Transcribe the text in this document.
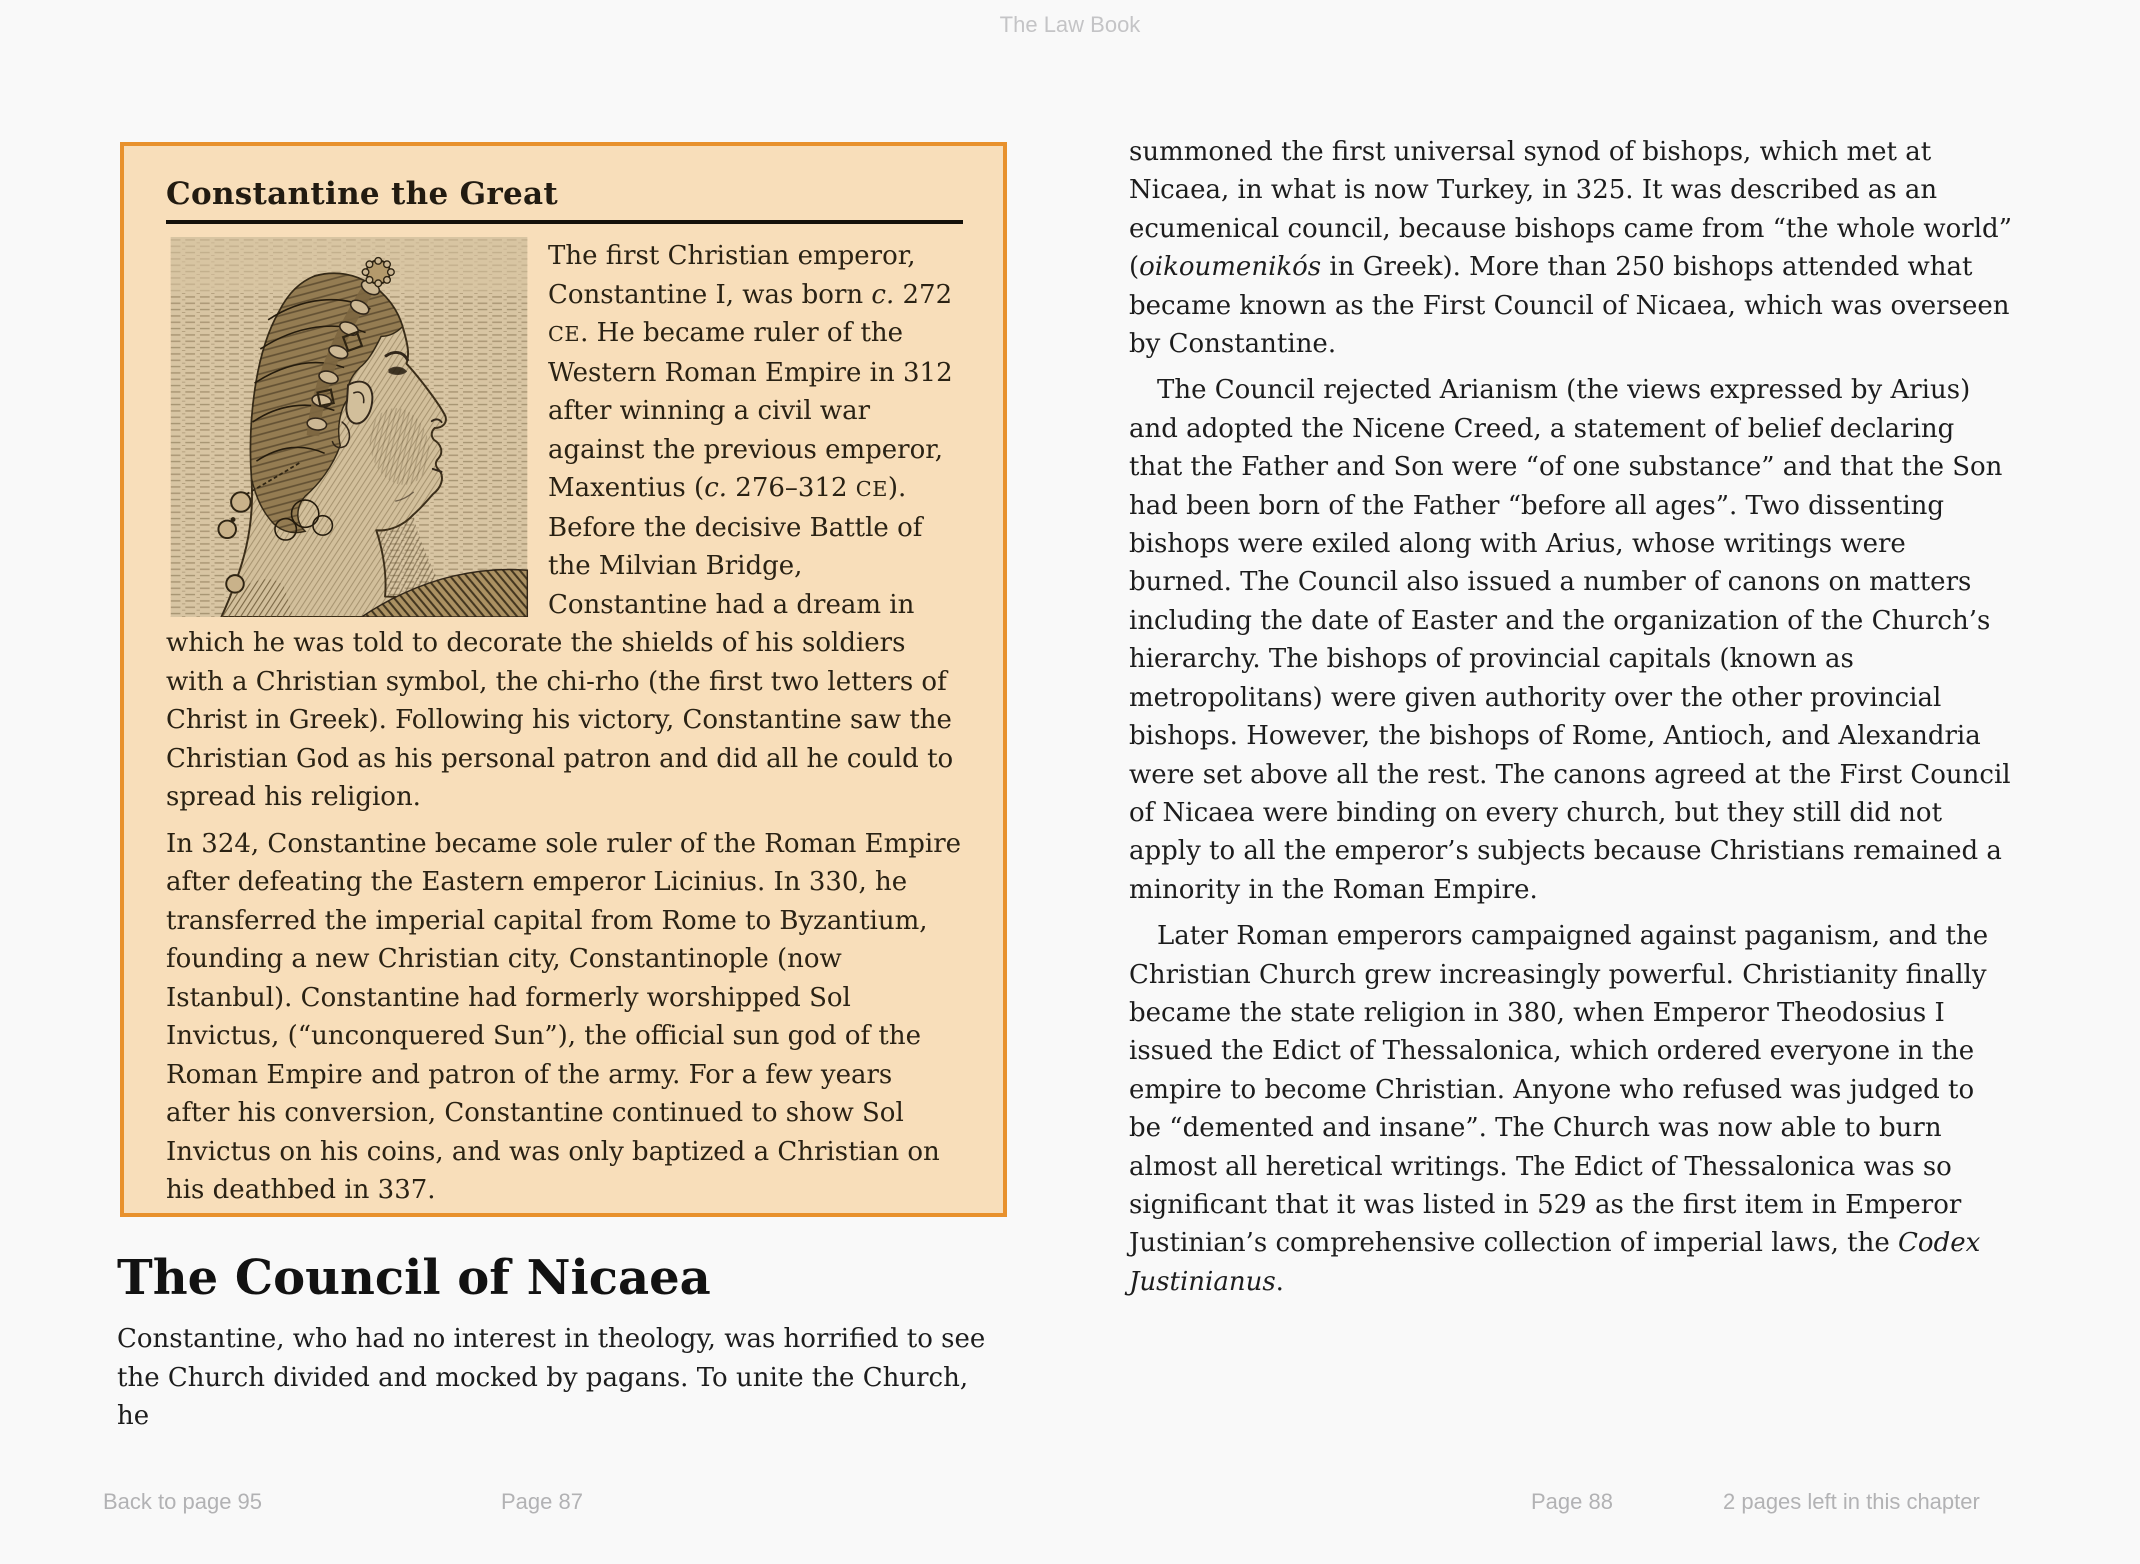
The Law Book
Constantine the Great

The first Christian emperor, Constantine I, was born c. 272 CE. He became ruler of the Western Roman Empire in 312 after winning a civil war against the previous emperor, Maxentius (c. 276–312 CE). Before the decisive Battle of the Milvian Bridge, Constantine had a dream in which he was told to decorate the shields of his soldiers with a Christian symbol, the chi-rho (the first two letters of Christ in Greek). Following his victory, Constantine saw the Christian God as his personal patron and did all he could to spread his religion.

In 324, Constantine became sole ruler of the Roman Empire after defeating the Eastern emperor Licinius. In 330, he transferred the imperial capital from Rome to Byzantium, founding a new Christian city, Constantinople (now Istanbul). Constantine had formerly worshipped Sol Invictus, (“unconquered Sun”), the official sun god of the Roman Empire and patron of the army. For a few years after his conversion, Constantine continued to show Sol Invictus on his coins, and was only baptized a Christian on his deathbed in 337.

The Council of Nicaea

Constantine, who had no interest in theology, was horrified to see the Church divided and mocked by pagans. To unite the Church, he

summoned the first universal synod of bishops, which met at Nicaea, in what is now Turkey, in 325. It was described as an ecumenical council, because bishops came from “the whole world” (oikoumenikós in Greek). More than 250 bishops attended what became known as the First Council of Nicaea, which was overseen by Constantine.

The Council rejected Arianism (the views expressed by Arius) and adopted the Nicene Creed, a statement of belief declaring that the Father and Son were “of one substance” and that the Son had been born of the Father “before all ages”. Two dissenting bishops were exiled along with Arius, whose writings were burned. The Council also issued a number of canons on matters including the date of Easter and the organization of the Church’s hierarchy. The bishops of provincial capitals (known as metropolitans) were given authority over the other provincial bishops. However, the bishops of Rome, Antioch, and Alexandria were set above all the rest. The canons agreed at the First Council of Nicaea were binding on every church, but they still did not apply to all the emperor’s subjects because Christians remained a minority in the Roman Empire.

Later Roman emperors campaigned against paganism, and the Christian Church grew increasingly powerful. Christianity finally became the state religion in 380, when Emperor Theodosius I issued the Edict of Thessalonica, which ordered everyone in the empire to become Christian. Anyone who refused was judged to be “demented and insane”. The Church was now able to burn almost all heretical writings. The Edict of Thessalonica was so significant that it was listed in 529 as the first item in Emperor Justinian’s comprehensive collection of imperial laws, the Codex Justinianus.

Back to page 95	Page 87	Page 88	2 pages left in this chapter
